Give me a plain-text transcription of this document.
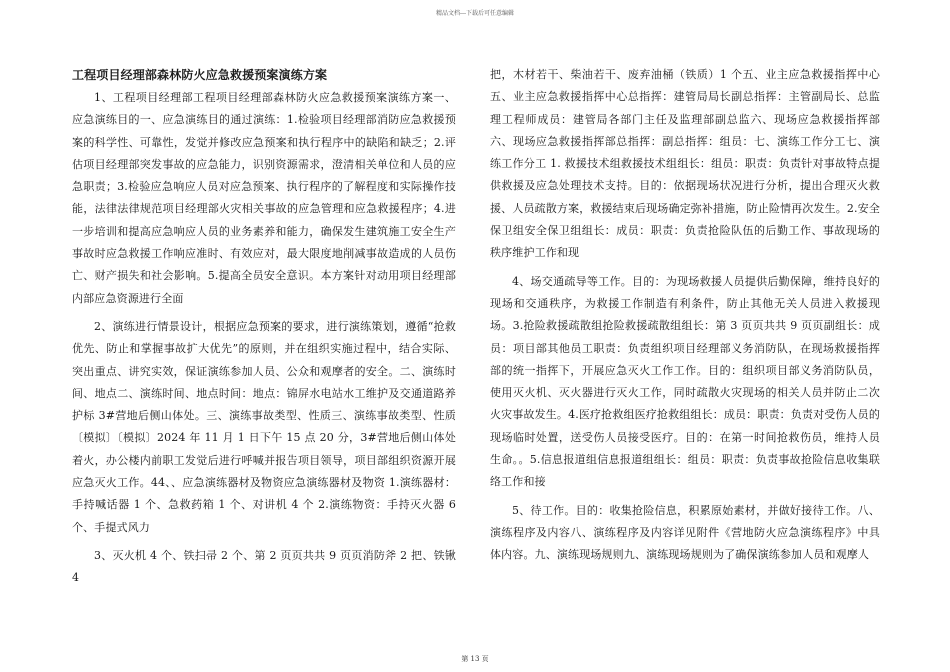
精品文档---下载后可任意编辑
工程项目经理部森林防火应急救援预案演练方案

1、工程项目经理部工程项目经理部森林防火应急救援预案演练方案一、应急演练目的一、应急演练目的通过演练：1.检验项目经理部消防应急救援预案的科学性、可靠性，发觉并修改应急预案和执行程序中的缺陷和缺乏；2.评估项目经理部突发事故的应急能力，识别资源需求，澄清相关单位和人员的应急职责；3.检验应急响应人员对应急预案、执行程序的了解程度和实际操作技能，法律法律规范项目经理部火灾相关事故的应急管理和应急救援程序；4.进一步培训和提高应急响应人员的业务素养和能力，确保发生建筑施工安全生产事故时应急救援工作响应准时、有效应对，最大限度地削减事故造成的人员伤亡、财产损失和社会影响。5.提高全员安全意识。本方案针对动用项目经理部内部应急资源进行全面

2、演练进行情景设计，根据应急预案的要求，进行演练策划，遵循“抢救优先、防止和掌握事故扩大优先”的原则，并在组织实施过程中，结合实际、突出重点、讲究实效，保证演练参加人员、公众和观摩者的安全。二、演练时间、地点二、演练时间、地点时间：地点：锦屏水电站水工维护及交通道路养护标 3#营地后侧山体处。三、演练事故类型、性质三、演练事故类型、性质〔模拟〕〔模拟〕2024 年 11 月 1 日下午 15 点 20 分，3#营地后侧山体处着火，办公楼内前职工发觉后进行呼喊并报告项目领导，项目部组织资源开展应急灭火工作。44、、应急演练器材及物资应急演练器材及物资 1.演练器材：手持喊话器 1 个、急救药箱 1 个、对讲机 4 个 2.演练物资：手持灭火器 6 个、手提式风力

3、灭火机 4 个、铁扫帚 2 个、第 2 页页共共 9 页页消防斧 2 把、铁锹 4

把，木材若干、柴油若干、废弃油桶（铁质）1 个五、业主应急救援指挥中心五、业主应急救援指挥中心总指挥：建管局局长副总指挥：主管副局长、总监理工程师成员：建管局各部门主任及监理部副总监六、现场应急救援指挥部六、现场应急救援指挥部总指挥：副总指挥：组员：七、演练工作分工七、演练工作分工 1. 救援技术组救援技术组组长：组员：职责：负责针对事故特点提供救援及应急处理技术支持。目的：依据现场状况进行分析，提出合理灭火救援、人员疏散方案，救援结束后现场确定弥补措施，防止险情再次发生。2.安全保卫组安全保卫组组长：成员：职责：负责抢险队伍的后勤工作、事故现场的秩序维护工作和现

4、场交通疏导等工作。目的：为现场救援人员提供后勤保障，维持良好的现场和交通秩序，为救援工作制造有利条件，防止其他无关人员进入救援现场。3.抢险救援疏散组抢险救援疏散组组长：第 3 页页共共 9 页页副组长：成员：项目部其他员工职责：负责组织项目经理部义务消防队，在现场救援指挥部的统一指挥下，开展应急灭火工作工作。目的：组织项目部义务消防队员，使用灭火机、灭火器进行灭火工作，同时疏散火灾现场的相关人员并防止二次火灾事故发生。4.医疗抢救组医疗抢救组组长：成员：职责：负责对受伤人员的现场临时处置，送受伤人员接受医疗。目的：在第一时间抢救伤员，维持人员生命。。5.信息报道组信息报道组组长：组员：职责：负责事故抢险信息收集联络工作和接

5、待工作。目的：收集抢险信息，积累原始素材，并做好接待工作。八、演练程序及内容八、演练程序及内容详见附件《营地防火应急演练程序》中具体内容。九、演练现场规则九、演练现场规则为了确保演练参加人员和观摩人

第 13 页
